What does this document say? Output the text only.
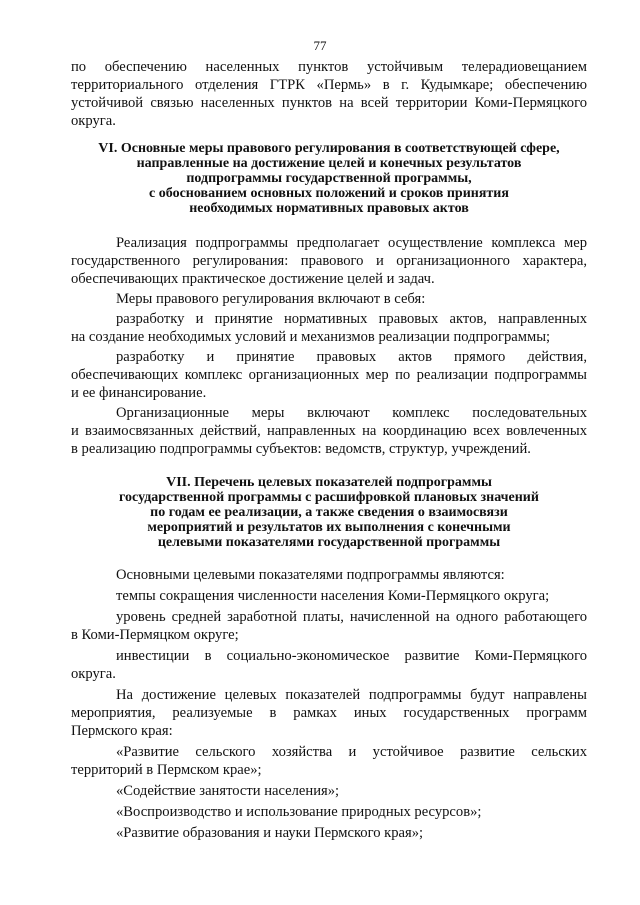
77
по обеспечению населенных пунктов устойчивым телерадиовещанием
территориального отделения ГТРК «Пермь» в г. Кудымкаре; обеспечению
устойчивой связью населенных пунктов на всей территории Коми-Пермяцкого
округа.
VI. Основные меры правового регулирования в соответствующей сфере,
направленные на достижение целей и конечных результатов
подпрограммы государственной программы,
с обоснованием основных положений и сроков принятия
необходимых нормативных правовых актов
Реализация подпрограммы предполагает осуществление комплекса мер
государственного регулирования: правового и организационного характера,
обеспечивающих практическое достижение целей и задач.
Меры правового регулирования включают в себя:
разработку и принятие нормативных правовых актов, направленных
на создание необходимых условий и механизмов реализации подпрограммы;
разработку и принятие правовых актов прямого действия,
обеспечивающих комплекс организационных мер по реализации подпрограммы
и ее финансирование.
Организационные меры включают комплекс последовательных
и взаимосвязанных действий, направленных на координацию всех вовлеченных
в реализацию подпрограммы субъектов: ведомств, структур, учреждений.
VII. Перечень целевых показателей подпрограммы
государственной программы с расшифровкой плановых значений
по годам ее реализации, а также сведения о взаимосвязи
мероприятий и результатов их выполнения с конечными
целевыми показателями государственной программы
Основными целевыми показателями подпрограммы являются:
темпы сокращения численности населения Коми-Пермяцкого округа;
уровень средней заработной платы, начисленной на одного работающего
в Коми-Пермяцком округе;
инвестиции в социально-экономическое развитие Коми-Пермяцкого
округа.
На достижение целевых показателей подпрограммы будут направлены
мероприятия, реализуемые в рамках иных государственных программ
Пермского края:
«Развитие сельского хозяйства и устойчивое развитие сельских
территорий в Пермском крае»;
«Содействие занятости населения»;
«Воспроизводство и использование природных ресурсов»;
«Развитие образования и науки Пермского края»;
